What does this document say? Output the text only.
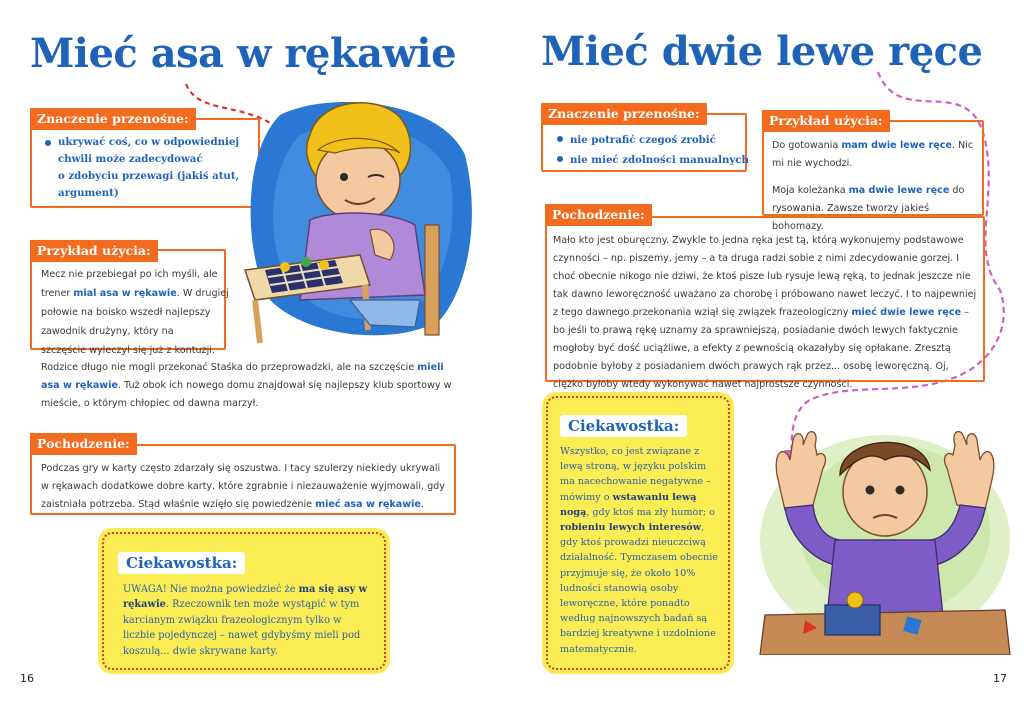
Mieć asa w rękawie
Znaczenie przenośne:
ukrywać coś, co w odpowiedniej
chwili może zadecydować
o zdobyciu przewagi (jakiś atut,
argument)
Przykład użycia:
Mecz nie przebiegał po ich myśli, ale
trener mial asa w rękawie. W drugiej
połowie na boisko wszedł najlepszy
zawodnik drużyny, który na
szczęście wyleczył się już z kontuzji.
Rodzice długo nie mogli przekonać Staśka do przeprowadzki, ale na szczęście mieli asa w rękawie. Tuż obok ich nowego domu znajdował się najlepszy klub sportowy w mieście, o którym chłopiec od dawna marzył.
Pochodzenie:
Podczas gry w karty często zdarzały się oszustwa. I tacy szulerzy niekiedy ukrywali w rękawach dodatkowe dobre karty, które zgrabnie i niezauważenie wyjmowali, gdy zaistniała potrzeba. Stąd właśnie wzięło się powiedzenie mieć asa w rękawie.
Ciekawostka:
UWAGA! Nie można powiedzieć że ma się asy w rękawie. Rzeczownik ten może wystąpić w tym karcianym związku frazeologicznym tylko w liczbie pojedynczej – nawet gdybyśmy mieli pod koszulą... dwie skrywane karty.
16
Mieć dwie lewe ręce
Znaczenie przenośne:
nie potrafić czegoś zrobić
nie mieć zdolności manualnych
Przykład użycia:
Do gotowania mam dwie lewe ręce. Nic mi nie wychodzi.
Moja koleżanka ma dwie lewe ręce do rysowania. Zawsze tworzy jakieś bohomazy.
Pochodzenie:
Mało kto jest oburęczny. Zwykle to jedna ręka jest tą, którą wykonujemy podstawowe czynności – np. piszemy, jemy – a ta druga radzi sobie z nimi zdecydowanie gorzej. I choć obecnie nikogo nie dziwi, że ktoś pisze lub rysuje lewą ręką, to jednak jeszcze nie tak dawno leworęczność uważano za chorobę i próbowano nawet leczyć. I to najpewniej z tego dawnego przekonania wziął się związek frazeologiczny mieć dwie lewe ręce – bo jeśli to prawą rękę uznamy za sprawniejszą, posiadanie dwóch lewych faktycznie mogłoby być dość uciążliwe, a efekty z pewnością okazałyby się opłakane. Zresztą podobnie byłoby z posiadaniem dwóch prawych rąk przez... osobę leworęczną. Oj, ciężko byłoby wtedy wykonywać nawet najprostsze czynności.
Ciekawostka:
Wszystko, co jest związane z lewą stroną, w języku polskim ma nacechowanie negatywne – mówimy o wstawaniu lewą nogą, gdy ktoś ma zły humor; o robieniu lewych interesów, gdy ktoś prowadzi nieuczciwą działalność. Tymczasem obecnie przyjmuje się, że około 10% ludności stanowią osoby leworęczne, które ponadto według najnowszych badań są bardziej kreatywne i uzdolnione matematycznie.
17
